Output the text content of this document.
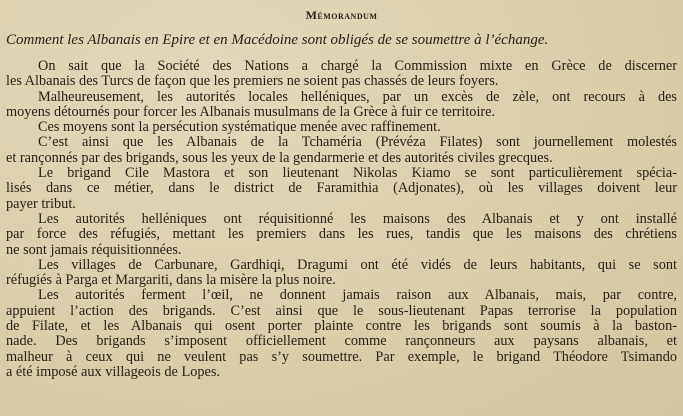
Mémorandum
Comment les Albanais en Epire et en Macédoine sont obligés de se soumettre à l’échange.

On sait que la Société des Nations a chargé la Commission mixte en Grèce de discerner
les Albanais des Turcs de façon que les premiers ne soient pas chassés de leurs foyers.

Malheureusement, les autorités locales helléniques, par un excès de zèle, ont recours à des
moyens détournés pour forcer les Albanais musulmans de la Grèce à fuir ce territoire.

Ces moyens sont la persécution systématique menée avec raffinement.

C’est ainsi que les Albanais de la Tchaméria (Prévéza Filates) sont journellement molestés
et rançonnés par des brigands, sous les yeux de la gendarmerie et des autorités civiles grecques.

Le brigand Cile Mastora et son lieutenant Nikolas Kiamo se sont particulièrement spécia-
lisés dans ce métier, dans le district de Faramithia (Adjonates), où les villages doivent leur
payer tribut.

Les autorités helléniques ont réquisitionné les maisons des Albanais et y ont installé
par force des réfugiés, mettant les premiers dans les rues, tandis que les maisons des chrétiens
ne sont jamais réquisitionnées.

Les villages de Carbunare, Gardhiqi, Dragumi ont été vidés de leurs habitants, qui se sont
réfugiés à Parga et Margariti, dans la misère la plus noire.

Les autorités ferment l’œil, ne donnent jamais raison aux Albanais, mais, par contre,
appuient l’action des brigands. C’est ainsi que le sous-lieutenant Papas terrorise la population
de Filate, et les Albanais qui osent porter plainte contre les brigands sont soumis à la baston-
nade. Des brigands s’imposent officiellement comme rançonneurs aux paysans albanais, et
malheur à ceux qui ne veulent pas s’y soumettre. Par exemple, le brigand Théodore Tsimando
a été imposé aux villageois de Lopes.
